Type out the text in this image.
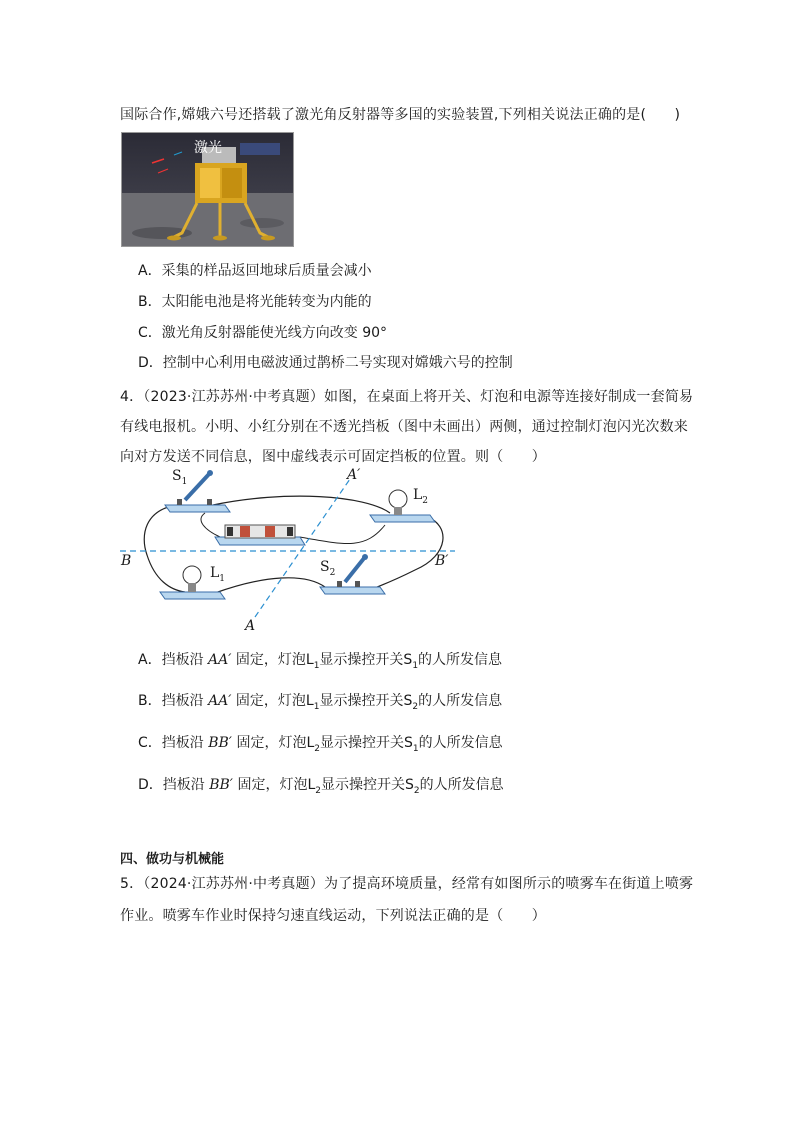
国际合作,嫦娥六号还搭载了激光角反射器等多国的实验装置,下列相关说法正确的是(　　)
激光
A．采集的样品返回地球后质量会减小
B．太阳能电池是将光能转变为内能的
C．激光角反射器能使光线方向改变 90°
D．控制中心利用电磁波通过鹊桥二号实现对嫦娥六号的控制
4．（2023·江苏苏州·中考真题）如图，在桌面上将开关、灯泡和电源等连接好制成一套简易
有线电报机。小明、小红分别在不透光挡板（图中未画出）两侧，通过控制灯泡闪光次数来
向对方发送不同信息，图中虚线表示可固定挡板的位置。则（　　）
$S_1$
$L_2$
$L_1$
$S_2$
A′
A
B	B′
A．挡板沿 AA′ 固定，灯泡$L_1$显示操控开关$S_1$的人所发信息
B．挡板沿 AA′ 固定，灯泡$L_1$显示操控开关$S_2$的人所发信息
C．挡板沿 BB′ 固定，灯泡$L_2$显示操控开关$S_1$的人所发信息
D．挡板沿 BB′ 固定，灯泡$L_2$显示操控开关$S_2$的人所发信息
四、做功与机械能
5．（2024·江苏苏州·中考真题）为了提高环境质量，经常有如图所示的喷雾车在街道上喷雾
作业。喷雾车作业时保持匀速直线运动，下列说法正确的是（　　）
